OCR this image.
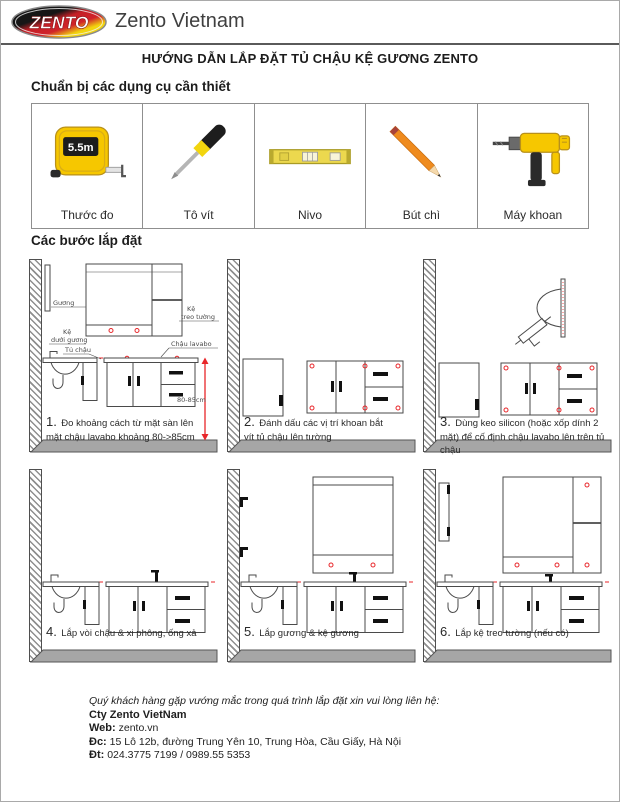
ZENTO Zento Vietnam
HƯỚNG DẪN LẮP ĐẶT TỦ CHẬU KỆ GƯƠNG ZENTO
Chuẩn bị các dụng cụ cần thiết
5.5m
Thước đo	Tô vít	Nivo	Bút chì	Máy khoan
Các bước lắp đặt
Gương
Kệ
treo tường
Kệ
dưới gương
80-85cm
Tủ chậu
Chậu lavabo
1. Đo khoảng cách từ mặt sàn lên mặt chậu lavabo khoảng 80->85cm
2. Đánh dấu các vị trí khoan bắt vít tủ chậu lên tường
3. Dùng keo silicon (hoặc xốp dính 2 mặt) để cố định chậu lavabo lên trên tủ chậu
4. Lắp vòi chậu & xi phông, ống xả	5. Lắp gương & kệ gương	6. Lắp kệ treo tường (nếu có)
Quý khách hàng gặp vướng mắc trong quá trình lắp đặt xin vui lòng liên hệ:
Cty Zento VietNam
Web: zento.vn
Đc: 15 Lô 12b, đường Trung Yên 10, Trung Hòa, Cầu Giấy, Hà Nội
Đt: 024.3775 7199 / 0989.55 5353
